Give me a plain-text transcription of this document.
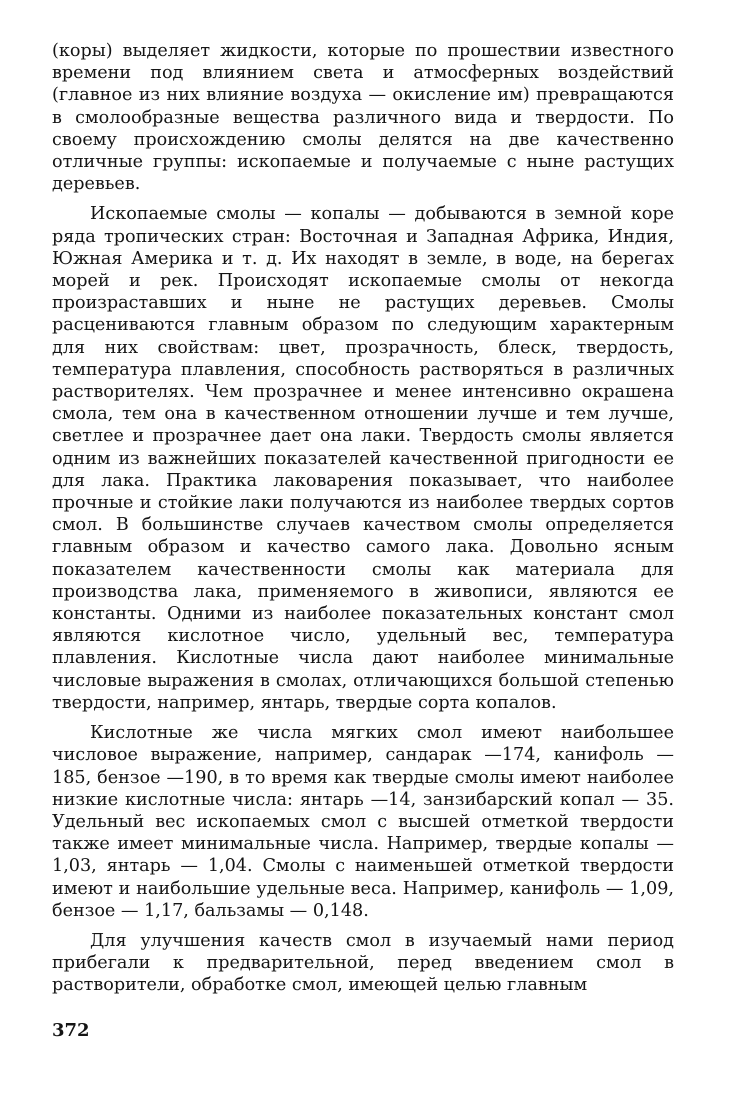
(коры) выделяет жидкости, которые по прошествии известного времени под влиянием света и атмосферных воздействий (главное из них влияние воздуха — окисление им) превращаются в смолообразные вещества различного вида и твердости. По своему происхождению смолы делятся на две качественно отличные группы: ископаемые и получаемые с ныне растущих деревьев.

Ископаемые смолы — копалы — добываются в земной коре ряда тропических стран: Восточная и Западная Африка, Индия, Южная Америка и т. д. Их находят в земле, в воде, на берегах морей и рек. Происходят ископаемые смолы от некогда произраставших и ныне не растущих деревьев. Смолы расцениваются главным образом по следующим характерным для них свойствам: цвет, прозрачность, блеск, твердость, температура плавления, способность растворяться в различных растворителях. Чем прозрачнее и менее интенсивно окрашена смола, тем она в качественном отношении лучше и тем лучше, светлее и прозрачнее дает она лаки. Твердость смолы является одним из важнейших показателей качественной пригодности ее для лака. Практика лаковарения показывает, что наиболее прочные и стойкие лаки получаются из наиболее твердых сортов смол. В большинстве случаев качеством смолы определяется главным образом и качество самого лака. Довольно ясным показателем качественности смолы как материала для производства лака, применяемого в живописи, являются ее константы. Одними из наиболее показательных констант смол являются кислотное число, удельный вес, температура плавления. Кислотные числа дают наиболее минимальные числовые выражения в смолах, отличающихся большой степенью твердости, например, янтарь, твердые сорта копалов.

Кислотные же числа мягких смол имеют наибольшее числовое выражение, например, сандарак —174, канифоль — 185, бензое —190, в то время как твердые смолы имеют наиболее низкие кислотные числа: янтарь —14, занзибарский копал — 35. Удельный вес ископаемых смол с высшей отметкой твердости также имеет минимальные числа. Например, твердые копалы — 1,03, янтарь — 1,04. Смолы с наименьшей отметкой твердости имеют и наибольшие удельные веса. Например, канифоль — 1,09, бензое — 1,17, бальзамы — 0,148.

Для улучшения качеств смол в изучаемый нами период прибегали к предварительной, перед введением смол в растворители, обработке смол, имеющей целью главным

372
